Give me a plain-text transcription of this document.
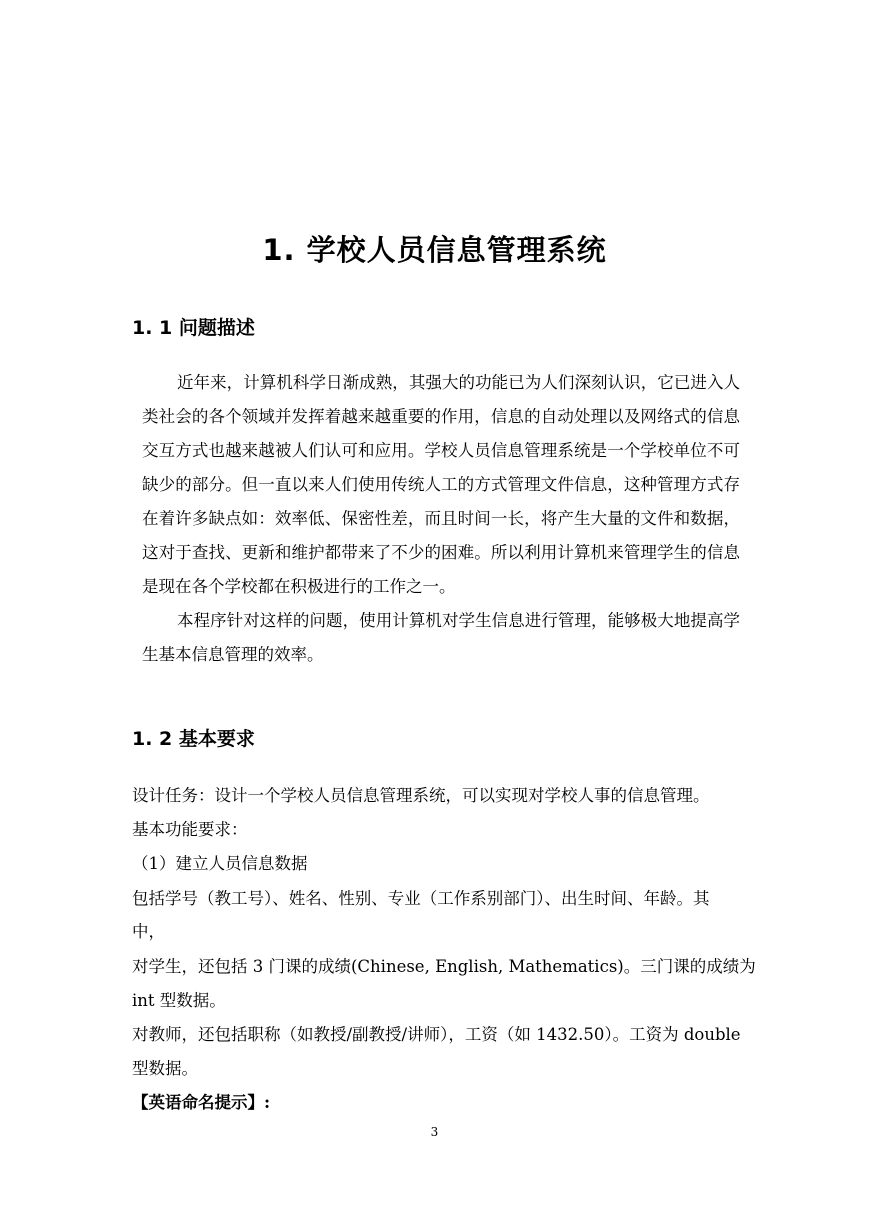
1. 学校人员信息管理系统
1. 1 问题描述

近年来，计算机科学日渐成熟，其强大的功能已为人们深刻认识，它已进入人类社会的各个领域并发挥着越来越重要的作用，信息的自动处理以及网络式的信息交互方式也越来越被人们认可和应用。学校人员信息管理系统是一个学校单位不可缺少的部分。但一直以来人们使用传统人工的方式管理文件信息，这种管理方式存在着许多缺点如：效率低、保密性差，而且时间一长，将产生大量的文件和数据，这对于查找、更新和维护都带来了不少的困难。所以利用计算机来管理学生的信息是现在各个学校都在积极进行的工作之一。

本程序针对这样的问题，使用计算机对学生信息进行管理，能够极大地提高学生基本信息管理的效率。

1. 2 基本要求
设计任务：设计一个学校人员信息管理系统，可以实现对学校人事的信息管理。
基本功能要求：
（1）建立人员信息数据
包括学号（教工号）、姓名、性别、专业（工作系别部门）、出生时间、年龄。其
中，
对学生，还包括 3 门课的成绩(Chinese, English, Mathematics)。三门课的成绩为
int 型数据。
对教师，还包括职称（如教授/副教授/讲师），工资（如 1432.50）。工资为 double
型数据。
【英语命名提示】:
3
